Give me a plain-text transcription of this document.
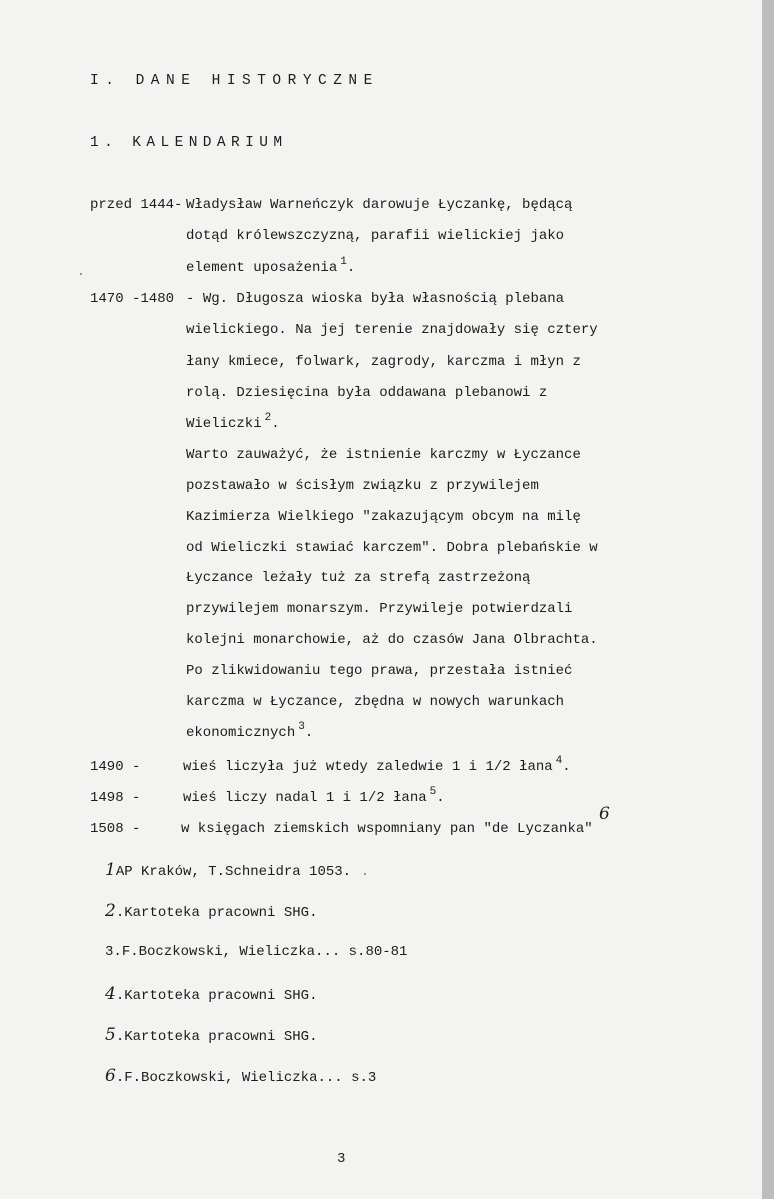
I. DANE HISTORYCZNE
1. KALENDARIUM
przed 1444 - Władysław Warneńczyk darowuje Łyczankę, będącą
dotąd królewszczyzną, parafii wielickiej jako
element uposażenia $^1$.
1470 -1480 - Wg. Długosza wioska była własnością plebana
wielickiego. Na jej terenie znajdowały się cztery
łany kmiece, folwark, zagrody, karczma i młyn z
rolą. Dziesięcina była oddawana plebanowi z
Wieliczki $^2$.
Warto zauważyć, że istnienie karczmy w Łyczance
pozstawało w ścisłym związku z przywilejem
Kazimierza Wielkiego "zakazującym obcym na milę
od Wieliczki stawiać karczem". Dobra plebańskie w
Łyczance leżały tuż za strefą zastrzeżoną
przywilejem monarszym. Przywileje potwierdzali
kolejni monarchowie, aż do czasów Jana Olbrachta.
Po zlikwidowaniu tego prawa, przestała istnieć
karczma w Łyczance, zbędna w nowych warunkach
ekonomicznych $^3$.
1490 -	wieś liczyła już wtedy zaledwie 1 i 1/2 łana $^4$.
1498 -	wieś liczy nadal 1 i 1/2 łana $^5$.
1508 -	w księgach ziemskich wspomniany pan "de Lyczanka"
6
1AP Kraków, T.Schneidra 1053.
2.Kartoteka pracowni SHG.
3.F.Boczkowski, Wieliczka... s.80-81
4.Kartoteka pracowni SHG.
5.Kartoteka pracowni SHG.
6.F.Boczkowski, Wieliczka... s.3
3
